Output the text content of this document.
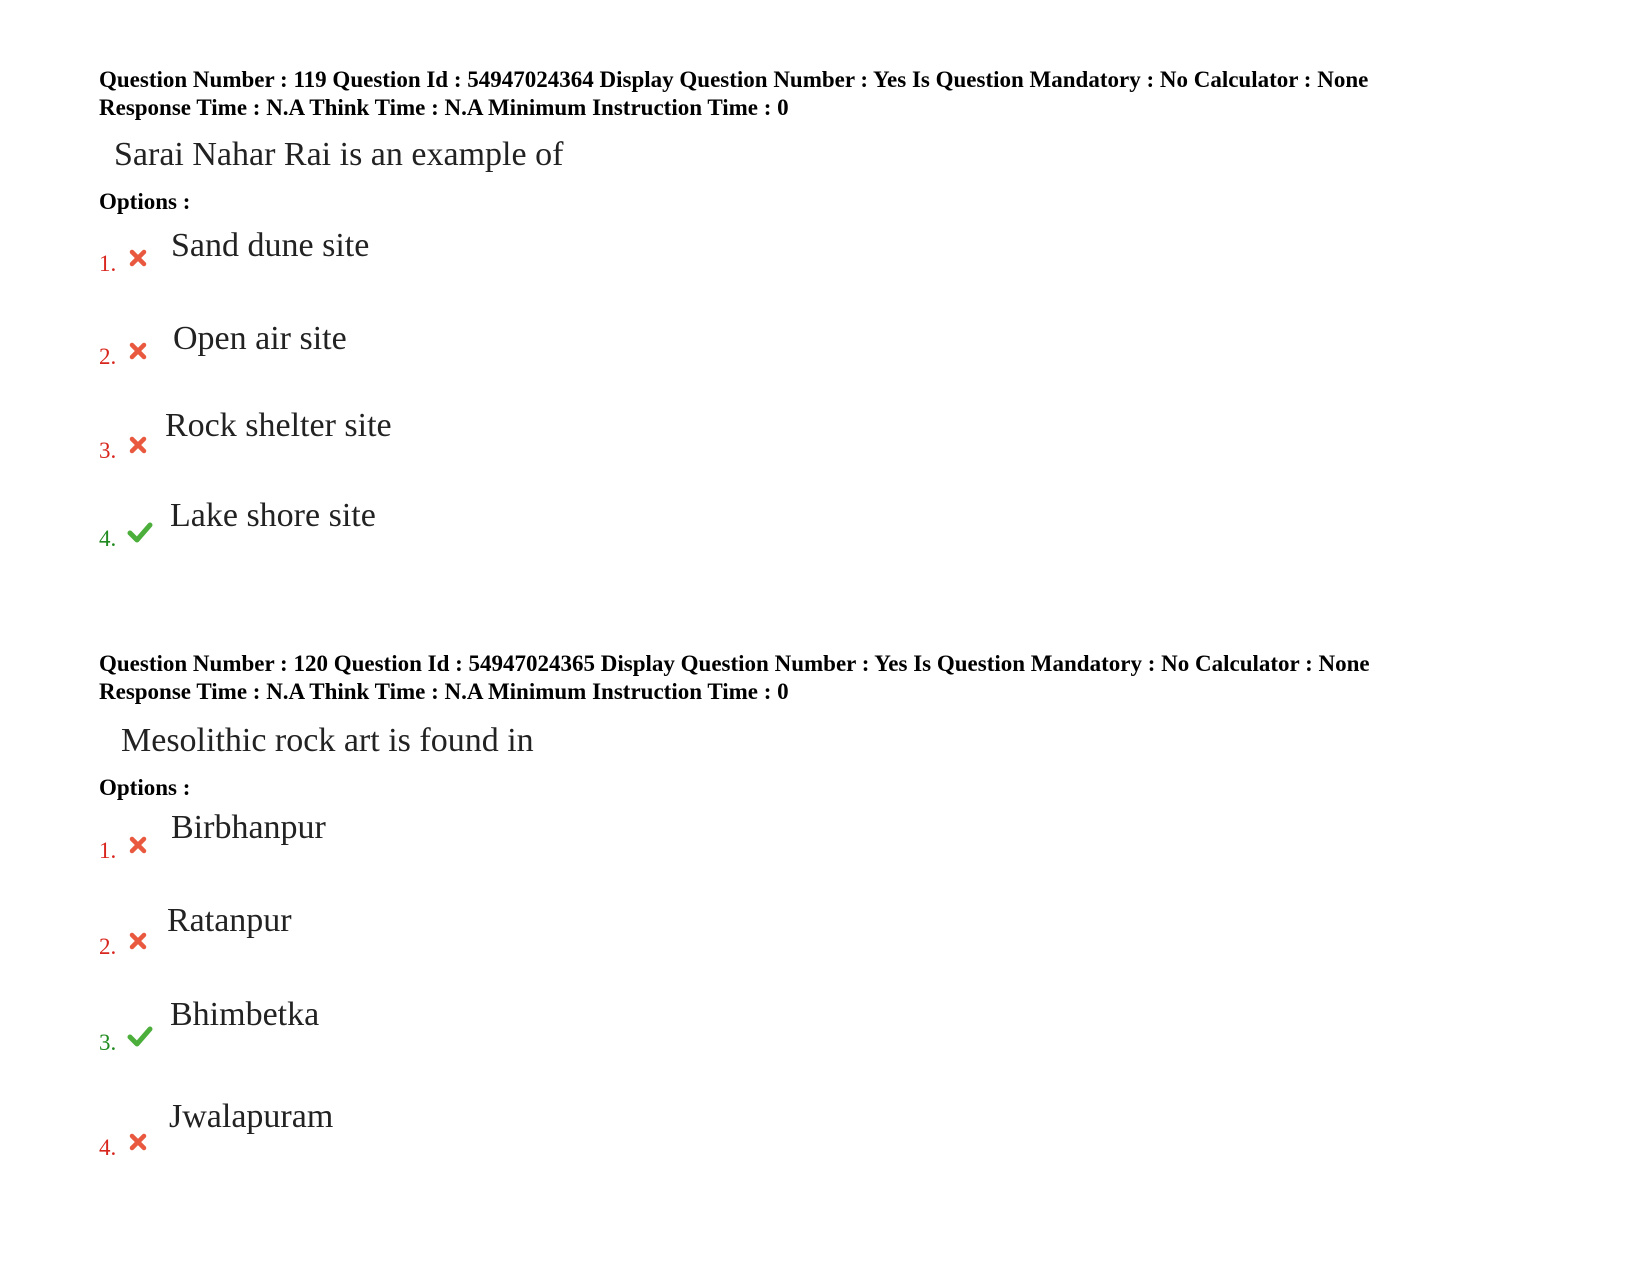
Question Number : 119 Question Id : 54947024364 Display Question Number : Yes Is Question Mandatory : No Calculator : None
Response Time : N.A Think Time : N.A Minimum Instruction Time : 0
Sarai Nahar Rai is an example of
Options :
1. Sand dune site
2. Open air site
3.
Rock shelter site
4.
Lake shore site
Question Number : 120 Question Id : 54947024365 Display Question Number : Yes Is Question Mandatory : No Calculator : None
Response Time : N.A Think Time : N.A Minimum Instruction Time : 0
Mesolithic rock art is found in
Options :
1.
Birbhanpur
2.
Ratanpur
3.
Bhimbetka
4.
Jwalapuram
